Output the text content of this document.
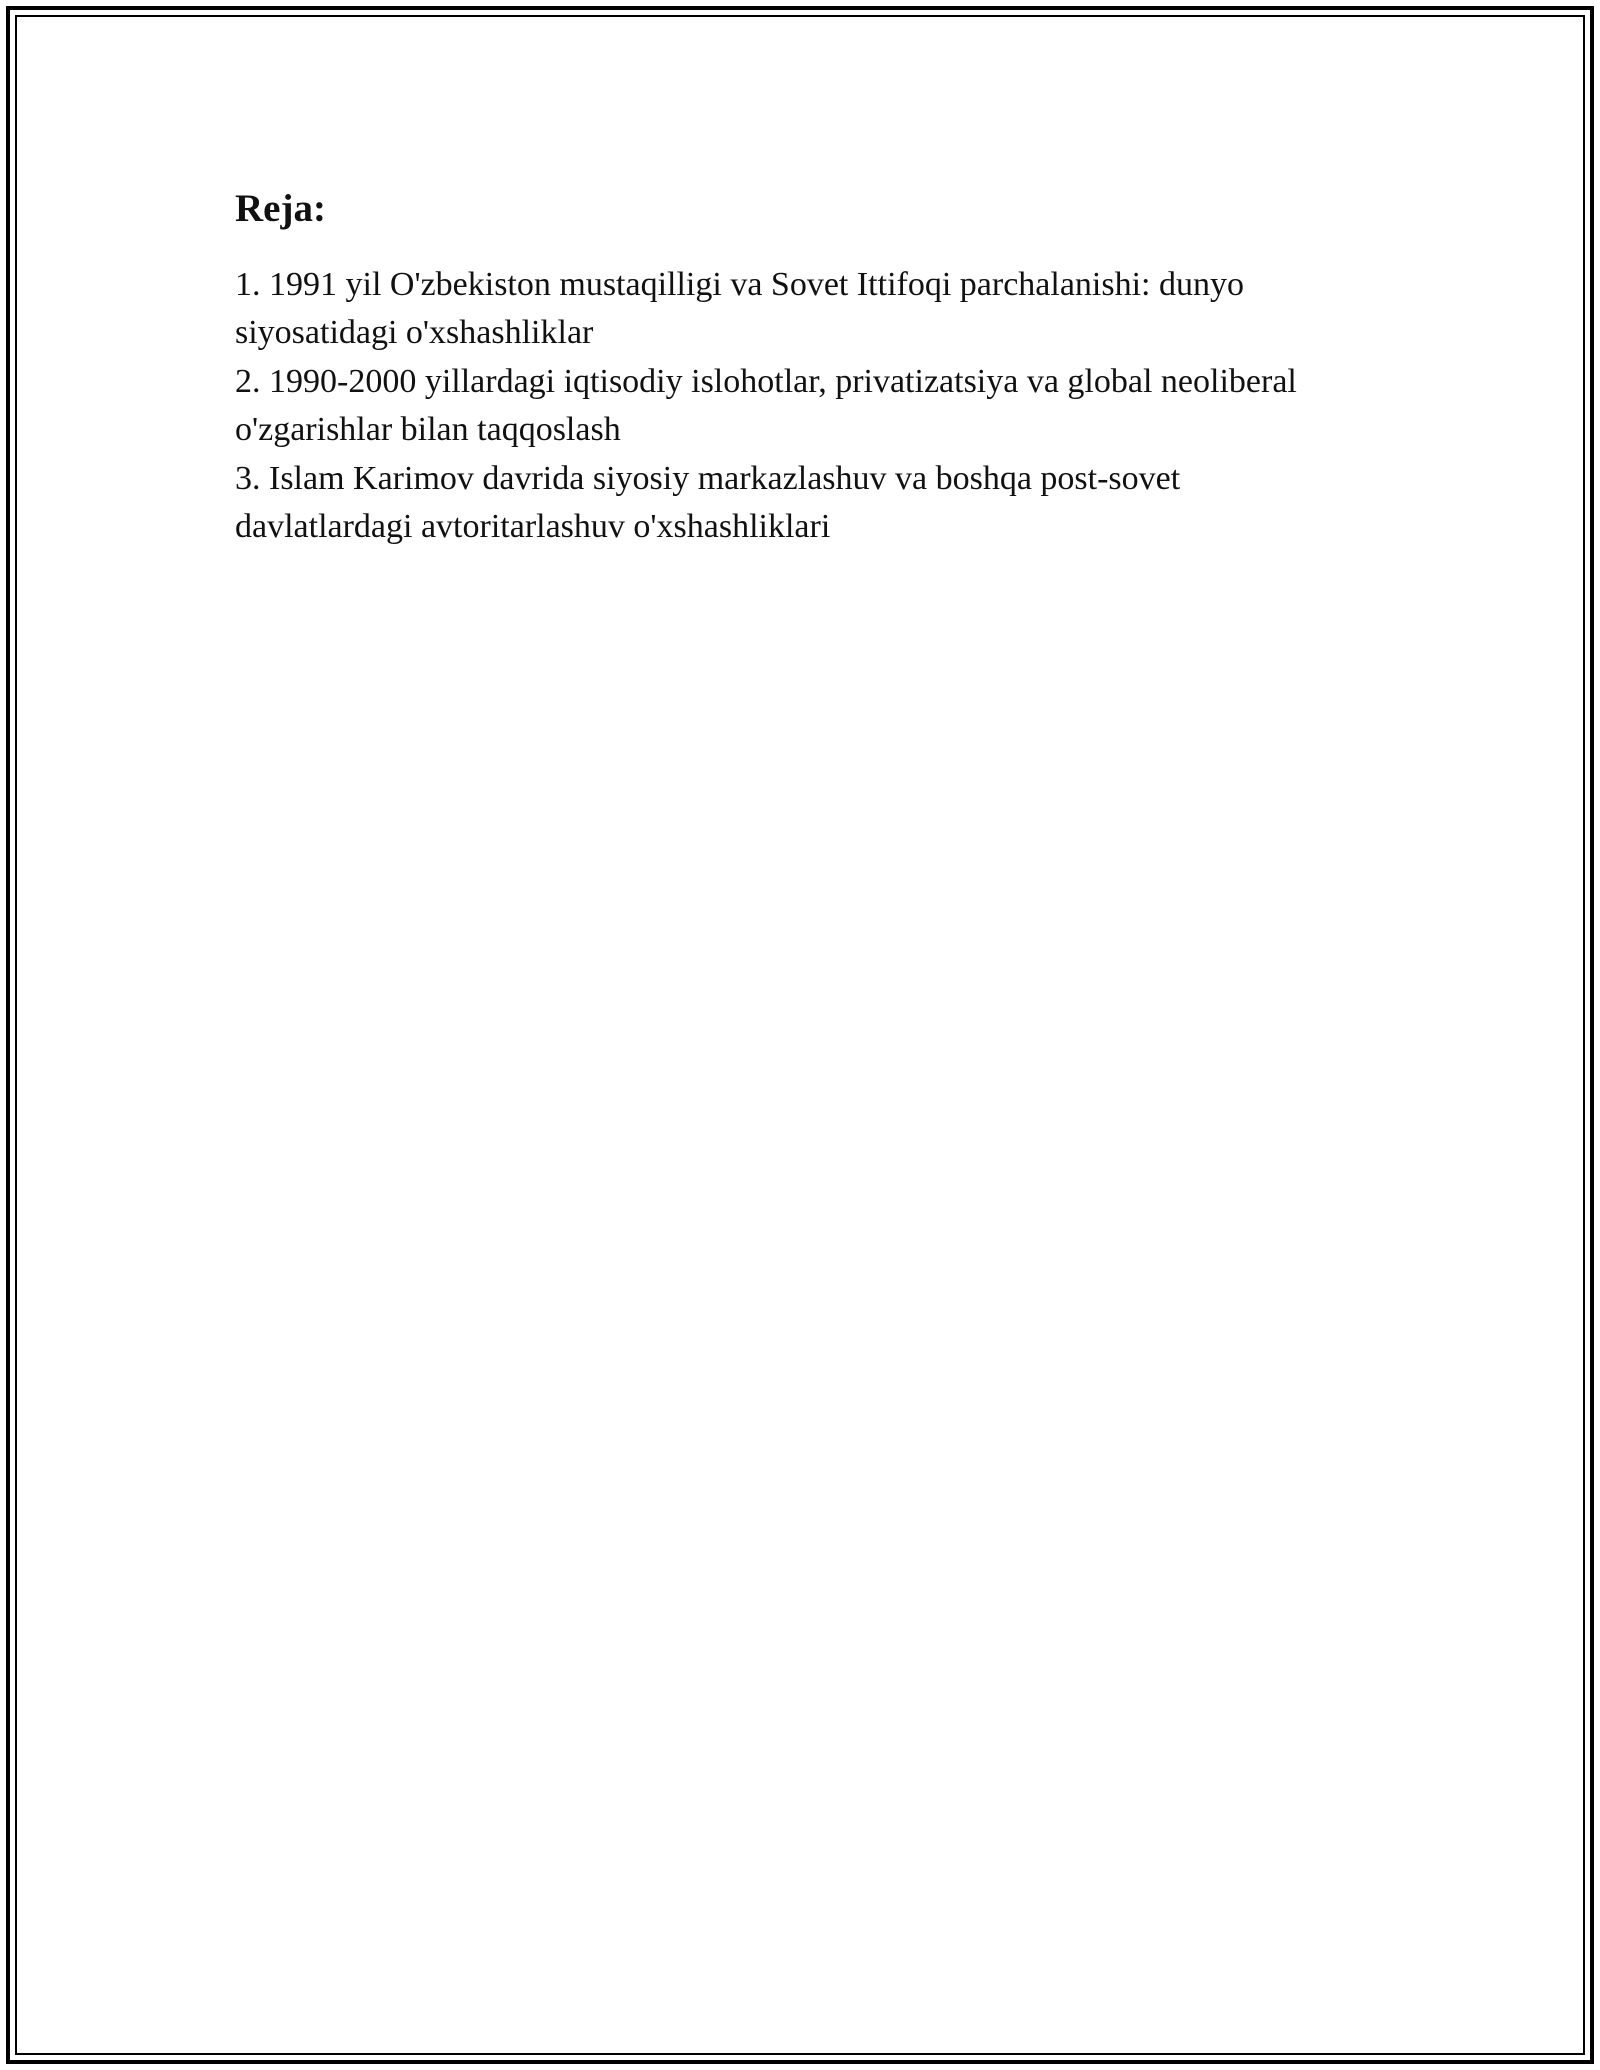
Reja:
1. 1991 yil O'zbekiston mustaqilligi va Sovet Ittifoqi parchalanishi: dunyo siyosatidagi o'xshashliklar
2. 1990-2000 yillardagi iqtisodiy islohotlar, privatizatsiya va global neoliberal o'zgarishlar bilan taqqoslash
3. Islam Karimov davrida siyosiy markazlashuv va boshqa post-sovet davlatlardagi avtoritarlashuv o'xshashliklari
